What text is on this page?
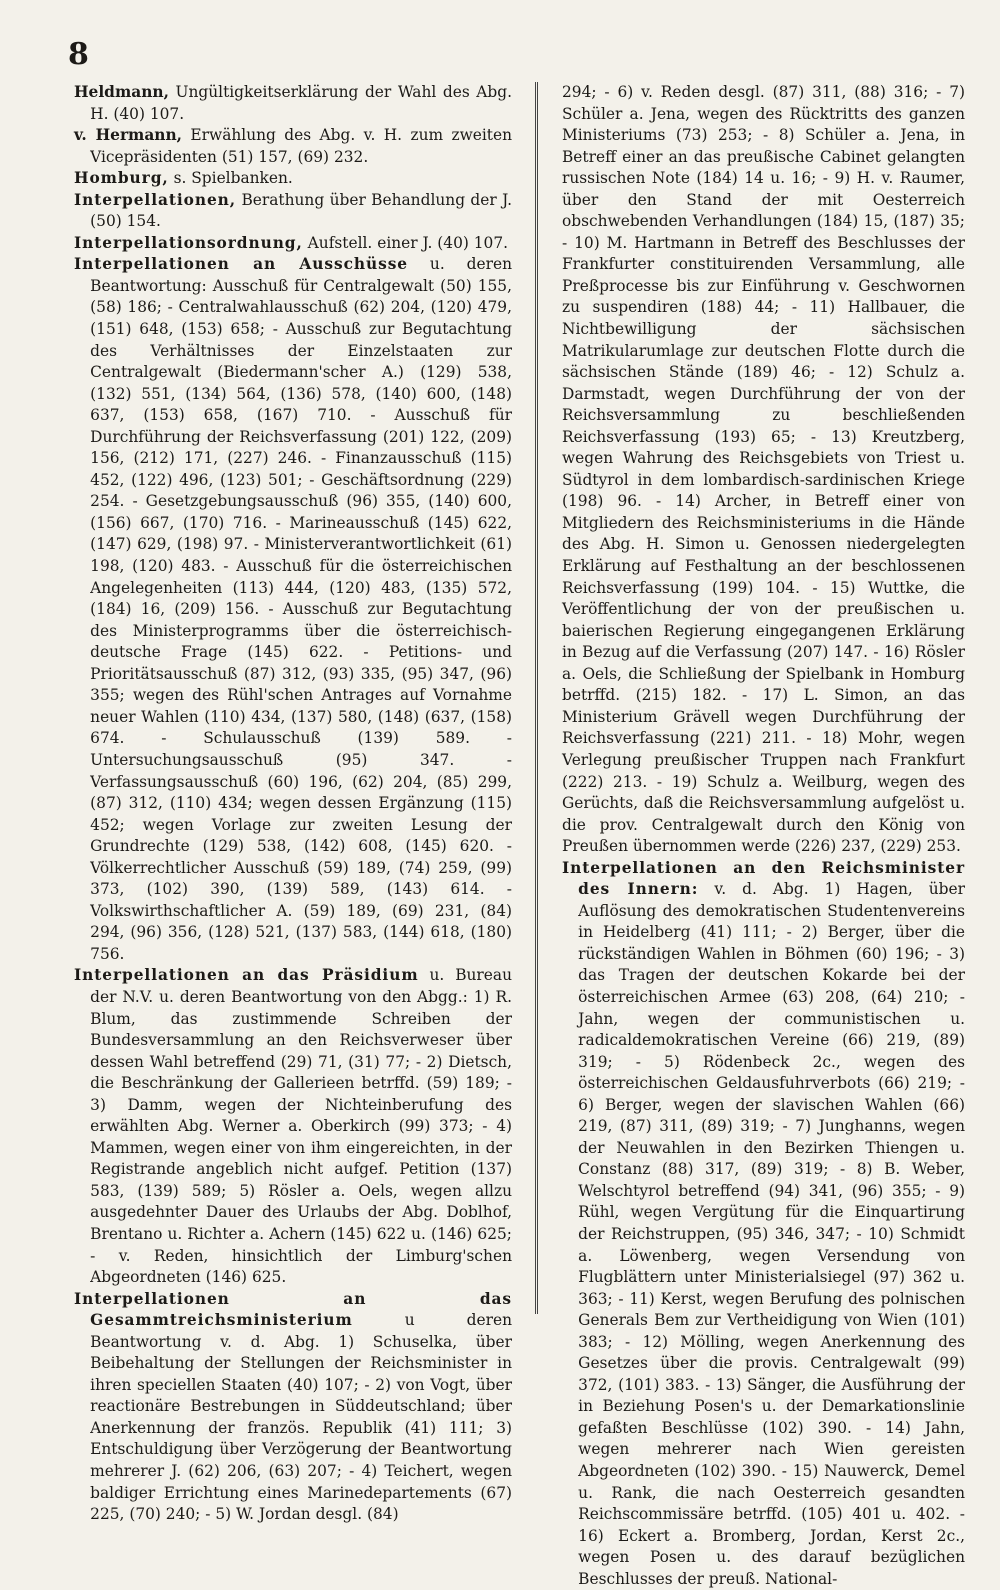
8

Heldmann, Ungültigkeitserklärung der Wahl des Abg. H. (40) 107.

v. Hermann, Erwählung des Abg. v. H. zum zweiten Vicepräsidenten (51) 157, (69) 232.

Homburg, s. Spielbanken.

Interpellationen, Berathung über Behandlung der J. (50) 154.

Interpellationsordnung, Aufstell. einer J. (40) 107.

Interpellationen an Ausschüsse u. deren Beantwortung: Ausschuß für Centralgewalt (50) 155, (58) 186; - Centralwahlausschuß (62) 204, (120) 479, (151) 648, (153) 658; - Ausschuß zur Begutachtung des Verhältnisses der Einzelstaaten zur Centralgewalt (Biedermann'scher A.) (129) 538, (132) 551, (134) 564, (136) 578, (140) 600, (148) 637, (153) 658, (167) 710. - Ausschuß für Durchführung der Reichsverfassung (201) 122, (209) 156, (212) 171, (227) 246. - Finanzausschuß (115) 452, (122) 496, (123) 501; - Geschäftsordnung (229) 254. - Gesetzgebungsausschuß (96) 355, (140) 600, (156) 667, (170) 716. - Marineausschuß (145) 622, (147) 629, (198) 97. - Ministerverantwortlichkeit (61) 198, (120) 483. - Ausschuß für die österreichischen Angelegenheiten (113) 444, (120) 483, (135) 572, (184) 16, (209) 156. - Ausschuß zur Begutachtung des Ministerprogramms über die österreichisch-deutsche Frage (145) 622. - Petitions- und Prioritätsausschuß (87) 312, (93) 335, (95) 347, (96) 355; wegen des Rühl'schen Antrages auf Vornahme neuer Wahlen (110) 434, (137) 580, (148) (637, (158) 674. - Schulausschuß (139) 589. - Untersuchungsausschuß (95) 347. - Verfassungsausschuß (60) 196, (62) 204, (85) 299, (87) 312, (110) 434; wegen dessen Ergänzung (115) 452; wegen Vorlage zur zweiten Lesung der Grundrechte (129) 538, (142) 608, (145) 620. - Völkerrechtlicher Ausschuß (59) 189, (74) 259, (99) 373, (102) 390, (139) 589, (143) 614. - Volkswirthschaftlicher A. (59) 189, (69) 231, (84) 294, (96) 356, (128) 521, (137) 583, (144) 618, (180) 756.

Interpellationen an das Präsidium u. Bureau der N.V. u. deren Beantwortung von den Abgg.: 1) R. Blum, das zustimmende Schreiben der Bundesversammlung an den Reichsverweser über dessen Wahl betreffend (29) 71, (31) 77; - 2) Dietsch, die Beschränkung der Gallerieen betrffd. (59) 189; - 3) Damm, wegen der Nichteinberufung des erwählten Abg. Werner a. Oberkirch (99) 373; - 4) Mammen, wegen einer von ihm eingereichten, in der Registrande angeblich nicht aufgef. Petition (137) 583, (139) 589; 5) Rösler a. Oels, wegen allzu ausgedehnter Dauer des Urlaubs der Abg. Doblhof, Brentano u. Richter a. Achern (145) 622 u. (146) 625; - v. Reden, hinsichtlich der Limburg'schen Abgeordneten (146) 625.

Interpellationen an das Gesammtreichsministerium u deren Beantwortung v. d. Abg. 1) Schuselka, über Beibehaltung der Stellungen der Reichsminister in ihren speciellen Staaten (40) 107; - 2) von Vogt, über reactionäre Bestrebungen in Süddeutschland; über Anerkennung der französ. Republik (41) 111; 3) Entschuldigung über Verzögerung der Beantwortung mehrerer J. (62) 206, (63) 207; - 4) Teichert, wegen baldiger Errichtung eines Marinedepartements (67) 225, (70) 240; - 5) W. Jordan desgl. (84)

294; - 6) v. Reden desgl. (87) 311, (88) 316; - 7) Schüler a. Jena, wegen des Rücktritts des ganzen Ministeriums (73) 253; - 8) Schüler a. Jena, in Betreff einer an das preußische Cabinet gelangten russischen Note (184) 14 u. 16; - 9) H. v. Raumer, über den Stand der mit Oesterreich obschwebenden Verhandlungen (184) 15, (187) 35; - 10) M. Hartmann in Betreff des Beschlusses der Frankfurter constituirenden Versammlung, alle Preßprocesse bis zur Einführung v. Geschwornen zu suspendiren (188) 44; - 11) Hallbauer, die Nichtbewilligung der sächsischen Matrikularumlage zur deutschen Flotte durch die sächsischen Stände (189) 46; - 12) Schulz a. Darmstadt, wegen Durchführung der von der Reichsversammlung zu beschließenden Reichsverfassung (193) 65; - 13) Kreutzberg, wegen Wahrung des Reichsgebiets von Triest u. Südtyrol in dem lombardisch-sardinischen Kriege (198) 96. - 14) Archer, in Betreff einer von Mitgliedern des Reichsministeriums in die Hände des Abg. H. Simon u. Genossen niedergelegten Erklärung auf Festhaltung an der beschlossenen Reichsverfassung (199) 104. - 15) Wuttke, die Veröffentlichung der von der preußischen u. baierischen Regierung eingegangenen Erklärung in Bezug auf die Verfassung (207) 147. - 16) Rösler a. Oels, die Schließung der Spielbank in Homburg betrffd. (215) 182. - 17) L. Simon, an das Ministerium Grävell wegen Durchführung der Reichsverfassung (221) 211. - 18) Mohr, wegen Verlegung preußischer Truppen nach Frankfurt (222) 213. - 19) Schulz a. Weilburg, wegen des Gerüchts, daß die Reichsversammlung aufgelöst u. die prov. Centralgewalt durch den König von Preußen übernommen werde (226) 237, (229) 253.

Interpellationen an den Reichsminister des Innern: v. d. Abg. 1) Hagen, über Auflösung des demokratischen Studentenvereins in Heidelberg (41) 111; - 2) Berger, über die rückständigen Wahlen in Böhmen (60) 196; - 3) das Tragen der deutschen Kokarde bei der österreichischen Armee (63) 208, (64) 210; - Jahn, wegen der communistischen u. radicaldemokratischen Vereine (66) 219, (89) 319; - 5) Rödenbeck 2c., wegen des österreichischen Geldausfuhrverbots (66) 219; - 6) Berger, wegen der slavischen Wahlen (66) 219, (87) 311, (89) 319; - 7) Junghanns, wegen der Neuwahlen in den Bezirken Thiengen u. Constanz (88) 317, (89) 319; - 8) B. Weber, Welschtyrol betreffend (94) 341, (96) 355; - 9) Rühl, wegen Vergütung für die Einquartirung der Reichstruppen, (95) 346, 347; - 10) Schmidt a. Löwenberg, wegen Versendung von Flugblättern unter Ministerialsiegel (97) 362 u. 363; - 11) Kerst, wegen Berufung des polnischen Generals Bem zur Vertheidigung von Wien (101) 383; - 12) Mölling, wegen Anerkennung des Gesetzes über die provis. Centralgewalt (99) 372, (101) 383. - 13) Sänger, die Ausführung der in Beziehung Posen's u. der Demarkationslinie gefaßten Beschlüsse (102) 390. - 14) Jahn, wegen mehrerer nach Wien gereisten Abgeordneten (102) 390. - 15) Nauwerck, Demel u. Rank, die nach Oesterreich gesandten Reichscommissäre betrffd. (105) 401 u. 402. - 16) Eckert a. Bromberg, Jordan, Kerst 2c., wegen Posen u. des darauf bezüglichen Beschlusses der preuß. National-
